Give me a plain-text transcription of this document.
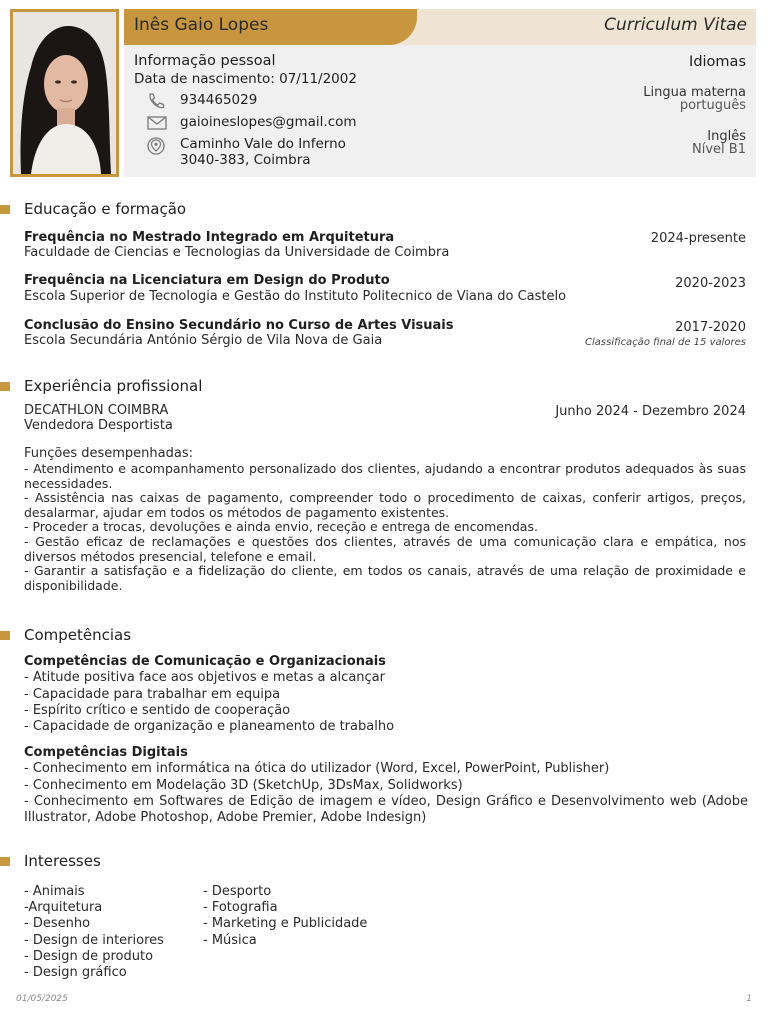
Inês Gaio Lopes	Curriculum Vitae
Informação pessoal
Data de nascimento: 07/11/2002
934465029
gaioineslopes@gmail.com
Caminho Vale do Inferno
3040-383, Coimbra
Idiomas
Lingua materna
português
Inglês
Nível B1
Educação e formação
Frequência no Mestrado Integrado em Arquitetura
Faculdade de Ciencias e Tecnologias da Universidade de Coimbra
2024-presente
Frequência na Licenciatura em Design do Produto
Escola Superior de Tecnologia e Gestão do Instituto Politecnico de Viana do Castelo
2020-2023
Conclusão do Ensino Secundário no Curso de Artes Visuais
Escola Secundária António Sérgio de Vila Nova de Gaia
2017-2020
Classificação final de 15 valores
Experiência profissional
DECATHLON COIMBRA
Vendedora Desportista
Junho 2024 - Dezembro 2024
Funções desempenhadas:
- Atendimento e acompanhamento personalizado dos clientes, ajudando a encontrar produtos adequados às suas necessidades.
- Assistência nas caixas de pagamento, compreender todo o procedimento de caixas, conferir artigos, preços, desalarmar, ajudar em todos os métodos de pagamento existentes.
- Proceder a trocas, devoluções e ainda envio, receção e entrega de encomendas.
- Gestão eficaz de reclamações e questões dos clientes, através de uma comunicação clara e empática, nos diversos métodos presencial, telefone e email.
- Garantir a satisfação e a fidelização do cliente, em todos os canais, através de uma relação de proximidade e disponibilidade.
Competências
Competências de Comunicação e Organizacionais
- Atitude positiva face aos objetivos e metas a alcançar
- Capacidade para trabalhar em equipa
- Espírito crítico e sentido de cooperação
- Capacidade de organização e planeamento de trabalho
Competências Digitais
- Conhecimento em informática na ótica do utilizador (Word, Excel, PowerPoint, Publisher)
- Conhecimento em Modelação 3D (SketchUp, 3DsMax, Solidworks)
- Conhecimento em Softwares de Edição de imagem e vídeo, Design Gráfico e Desenvolvimento web (Adobe Illustrator, Adobe Photoshop, Adobe Premier, Adobe Indesign)
Interesses
- Animais
-Arquitetura
- Desenho
- Design de interiores
- Design de produto
- Design gráfico
- Desporto
- Fotografia
- Marketing e Publicidade
- Música
01/05/2025	1
